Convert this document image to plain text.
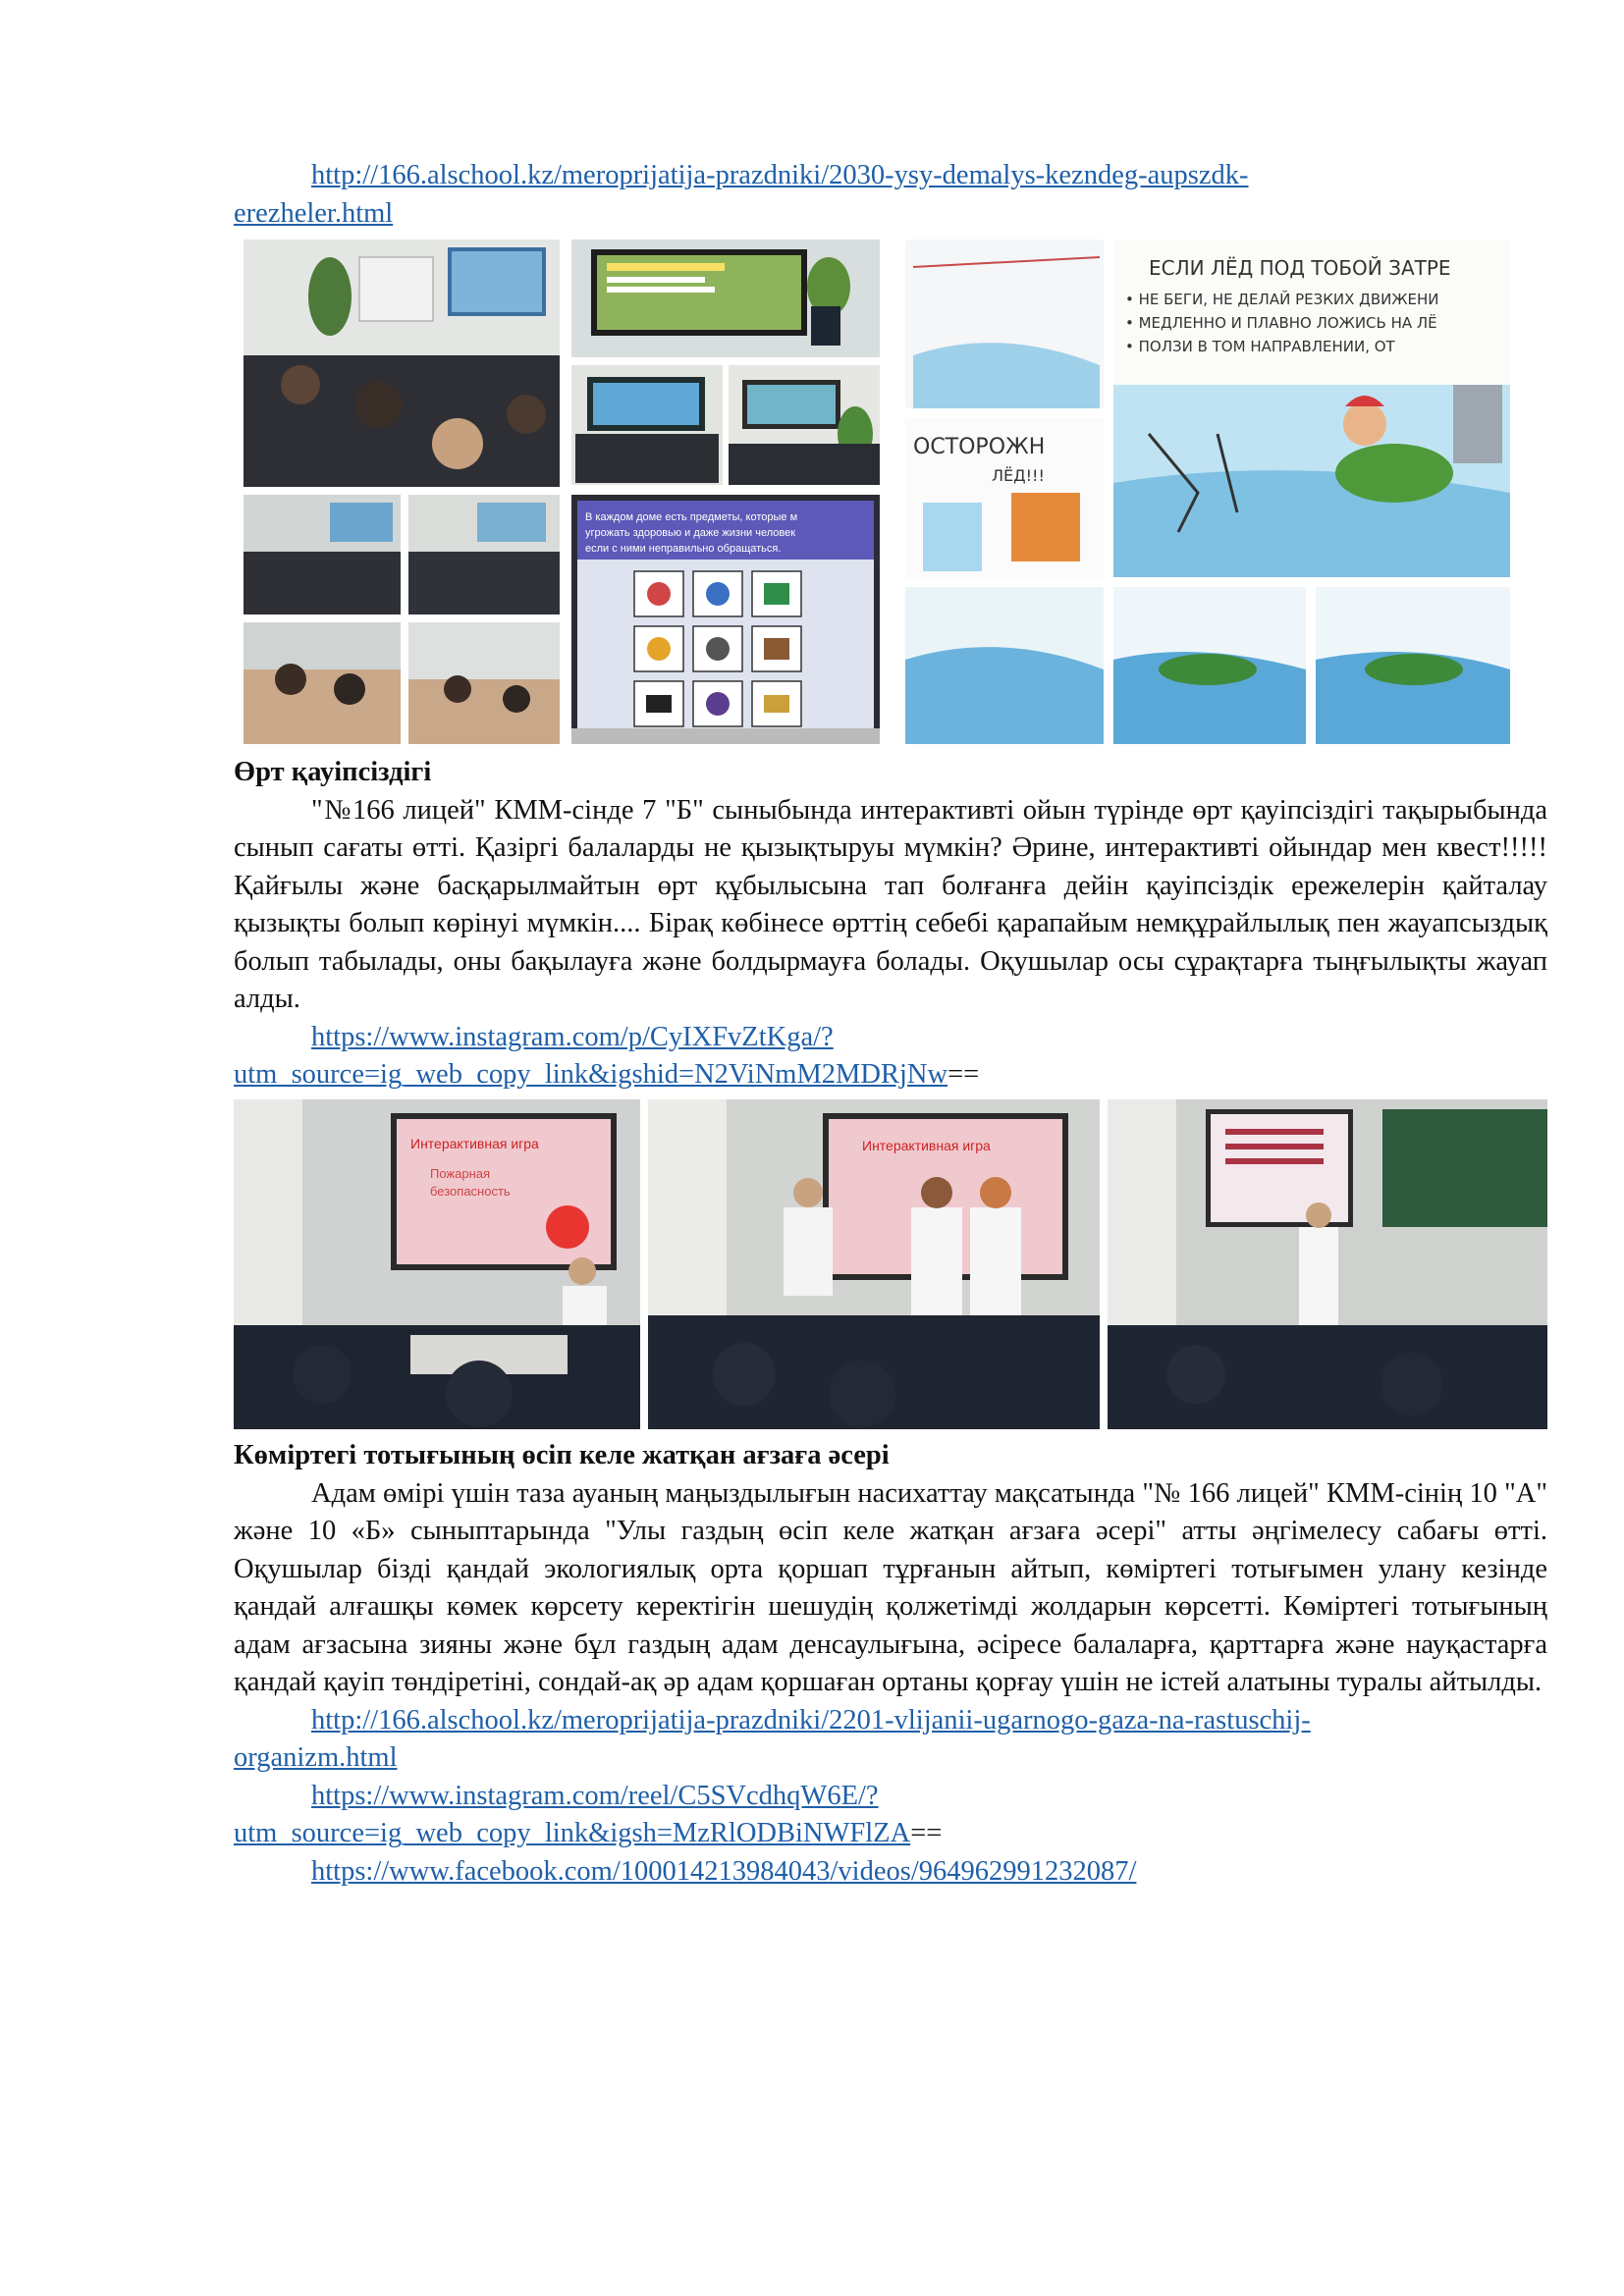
http://166.alschool.kz/meroprijatija-prazdniki/2030-ysy-demalys-kezndeg-aupszdk-
erezheler.html
В каждом доме есть предметы, которые м
угрожать здоровью и даже жизни человек
если с ними неправильно обращаться.
ЕСЛИ ЛЁД ПОД ТОБОЙ ЗАТРЕ
• НЕ БЕГИ, НЕ ДЕЛАЙ РЕЗКИХ ДВИЖЕНИ
• МЕДЛЕННО И ПЛАВНО ЛОЖИСЬ НА ЛЁ
• ПОЛЗИ В ТОМ НАПРАВЛЕНИИ, ОТ
ОСТОРОЖН
ЛЁД!!!
Өрт қауіпсіздігі

"№166 лицей" КММ-сінде 7 "Б" сыныбында интерактивті ойын түрінде өрт қауіпсіздігі тақырыбында сынып сағаты өтті. Қазіргі балаларды не қызықтыруы мүмкін? Әрине, интерактивті ойындар мен квест!!!!! Қайғылы және басқарылмайтын өрт құбылысына тап болғанға дейін қауіпсіздік ережелерін қайталау қызықты болып көрінуі мүмкін.... Бірақ көбінесе өрттің себебі қарапайым немқұрайлылық пен жауапсыздық болып табылады, оны бақылауға және болдырмауға болады. Оқушылар осы сұрақтарға тыңғылықты жауап алды.

https://www.instagram.com/p/CyIXFvZtKga/?
utm_source=ig_web_copy_link&igshid=N2ViNmM2MDRjNw==
Интерактивная игра
Пожарная
безопасность
Интерактивная игра
Көміртегі тотығының өсіп келе жатқан ағзаға әсері

Адам өмірі үшін таза ауаның маңыздылығын насихаттау мақсатында "№ 166 лицей" КММ-сінің 10 "А" және 10 «Б» сыныптарында "Улы газдың өсіп келе жатқан ағзаға әсері" атты әңгімелесу сабағы өтті. Оқушылар бізді қандай экологиялық орта қоршап тұрғанын айтып, көміртегі тотығымен улану кезінде қандай алғашқы көмек көрсету керектігін шешудің қолжетімді жолдарын көрсетті. Көміртегі тотығының адам ағзасына зияны және бұл газдың адам денсаулығына, әсіресе балаларға, қарттарға және науқастарға қандай қауіп төндіретіні, сондай-ақ әр адам қоршаған ортаны қорғау үшін не істей алатыны туралы айтылды.

http://166.alschool.kz/meroprijatija-prazdniki/2201-vlijanii-ugarnogo-gaza-na-rastuschij-
organizm.html
https://www.instagram.com/reel/C5SVcdhqW6E/?
utm_source=ig_web_copy_link&igsh=MzRlODBiNWFlZA==
https://www.facebook.com/100014213984043/videos/964962991232087/
